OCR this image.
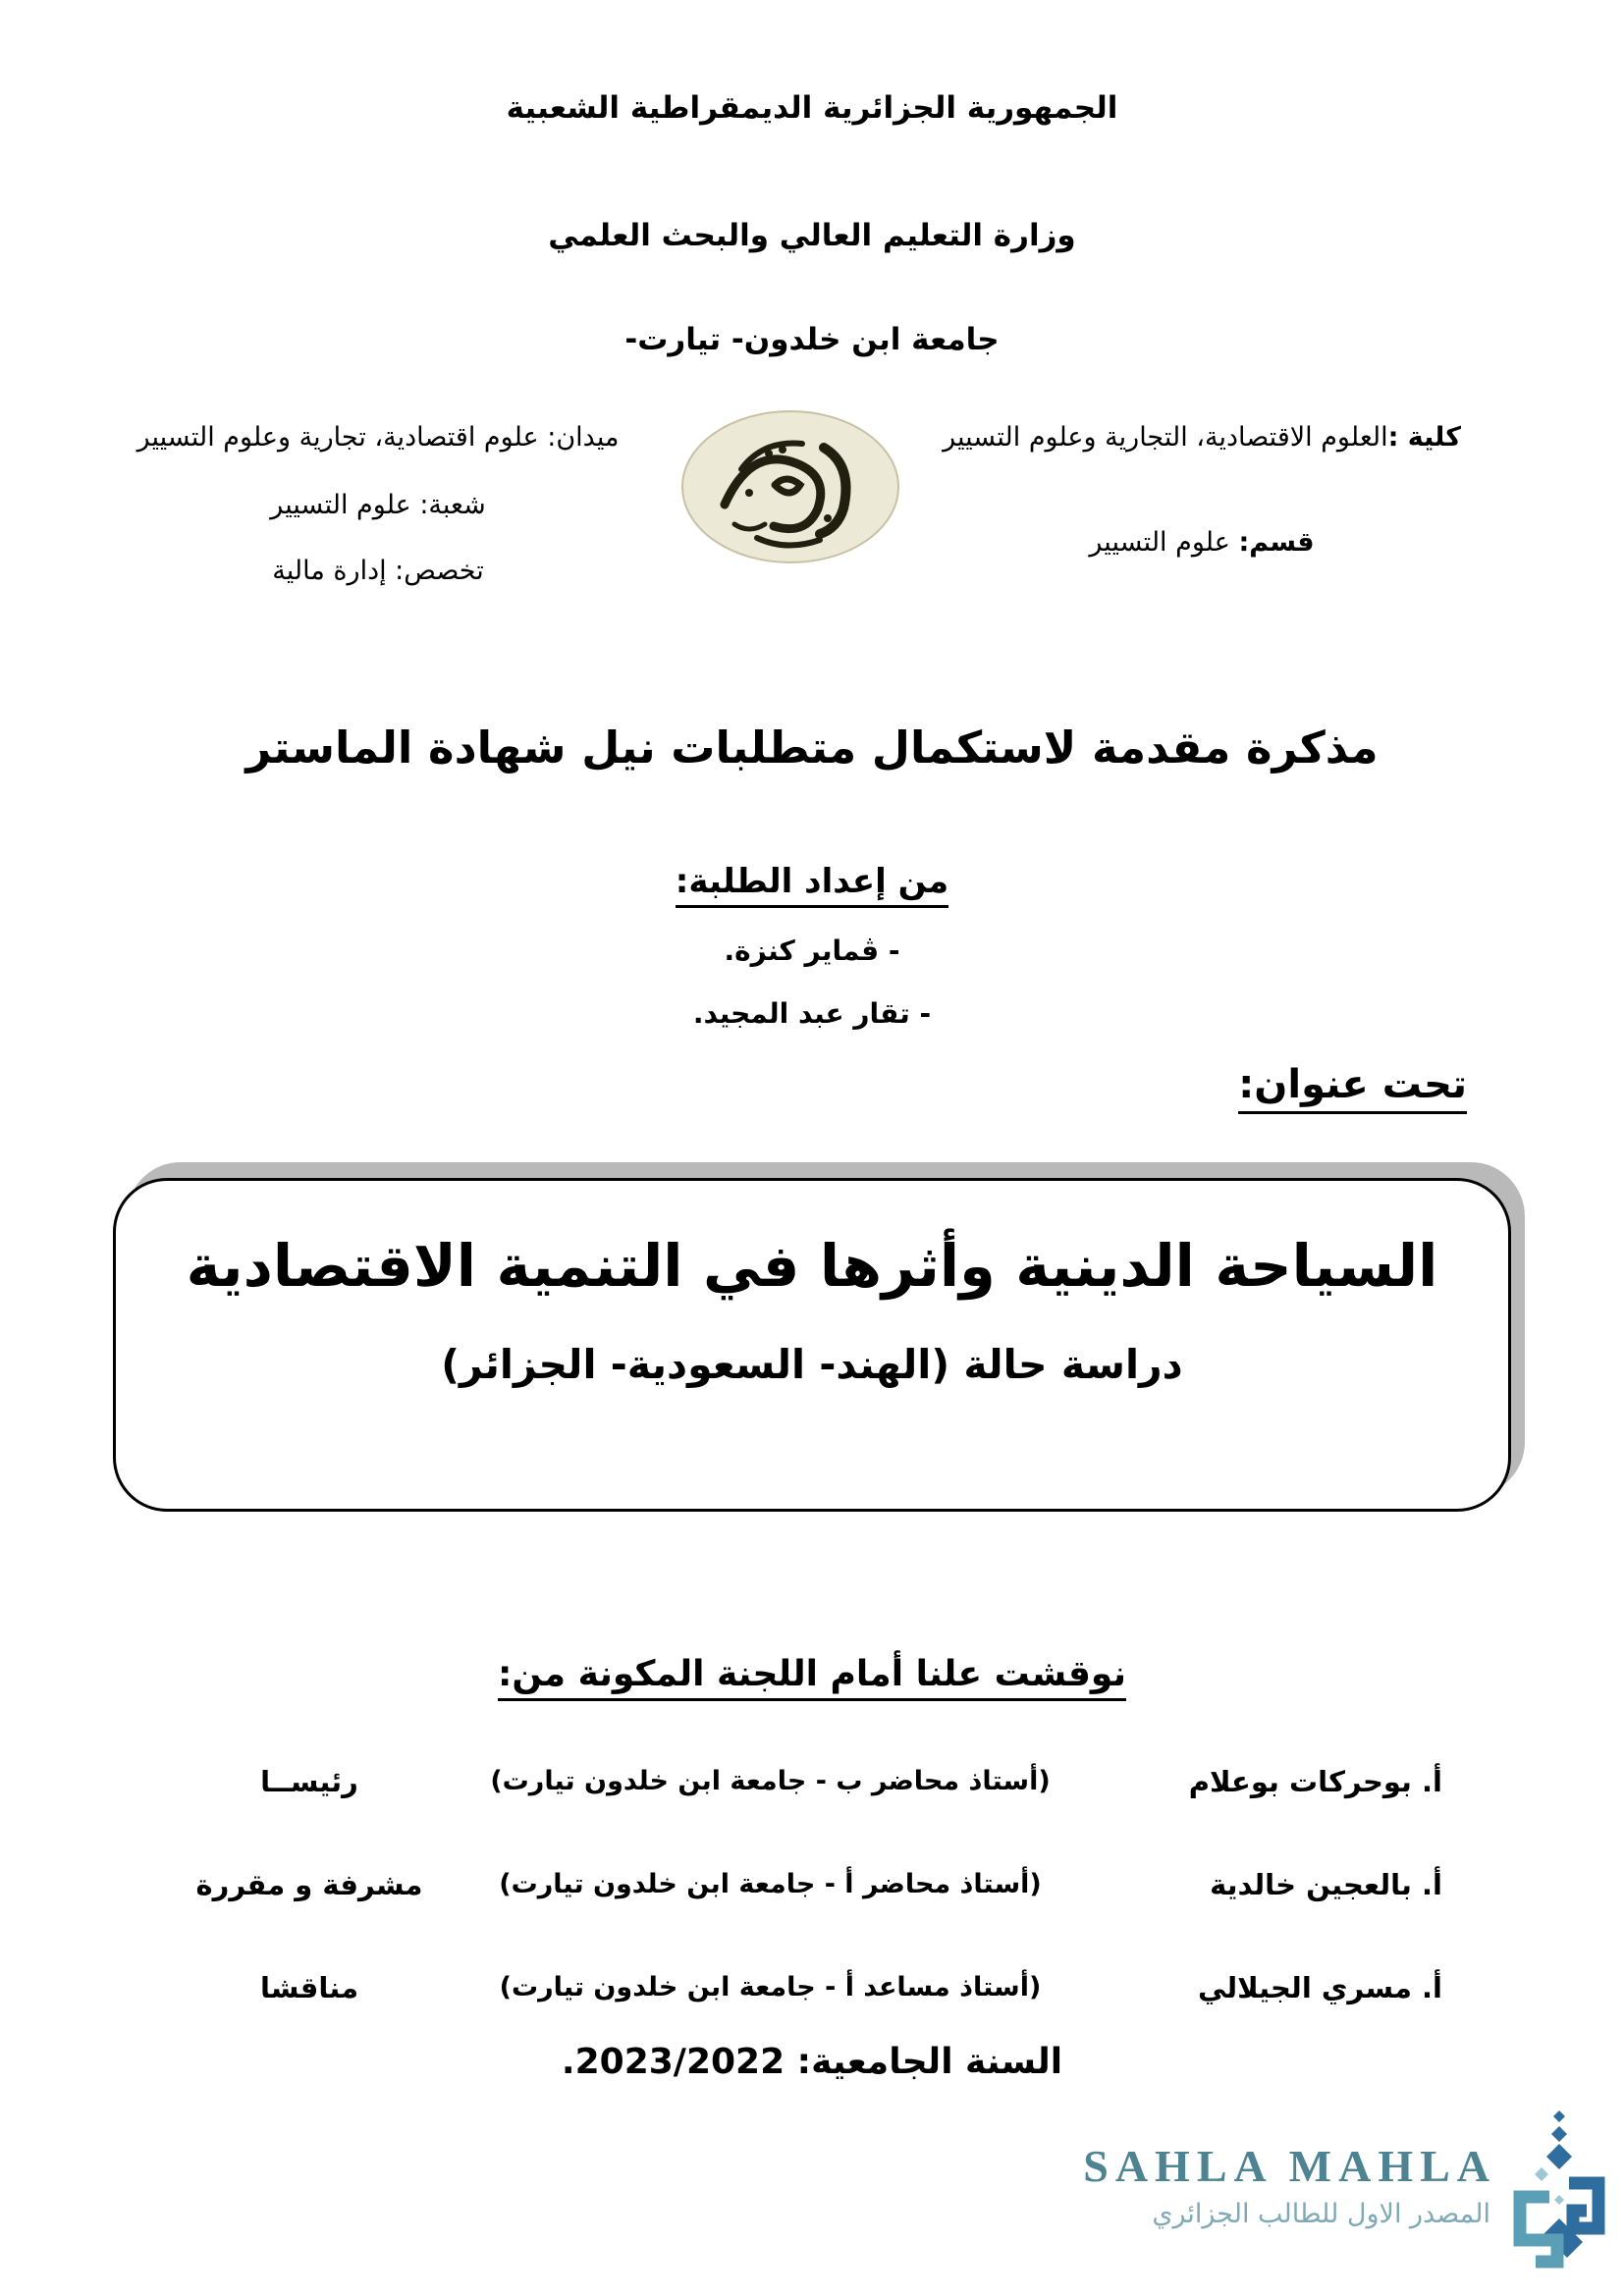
الجمهورية الجزائرية الديمقراطية الشعبية
وزارة التعليم العالي والبحث العلمي
جامعة ابن خلدون- تيارت-
كلية :العلوم الاقتصادية، التجارية وعلوم التسيير
قسم: علوم التسيير
ميدان: علوم اقتصادية، تجارية وعلوم التسيير
شعبة: علوم التسيير
تخصص: إدارة مالية
مذكرة مقدمة لاستكمال متطلبات نيل شهادة الماستر
من إعداد الطلبة:
- ڤماير كنزة.
- تقار عبد المجيد.
تحت عنوان:
السياحة الدينية وأثرها في التنمية الاقتصادية
دراسة حالة (الهند- السعودية- الجزائر)
نوقشت علنا أمام اللجنة المكونة من:
أ. بوحركات بوعلام
(أستاذ محاضر ب - جامعة ابن خلدون تيارت)
رئيســا
أ. بالعجين خالدية
(أستاذ محاضر أ - جامعة ابن خلدون تيارت)
مشرفة و مقررة
أ. مسري الجيلالي
(أستاذ مساعد أ - جامعة ابن خلدون تيارت)
مناقشا
السنة الجامعية: 2023/2022.
SAHLA MAHLA
المصدر الاول للطالب الجزائري
